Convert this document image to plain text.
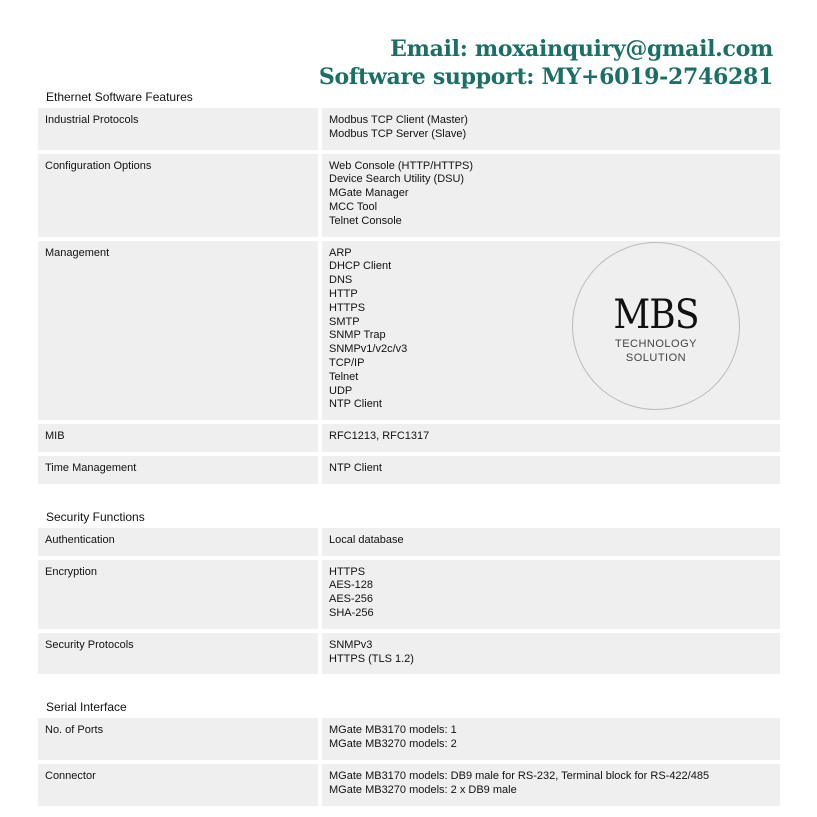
Email: moxainquiry@gmail.com
Software support: MY+6019-2746281
Ethernet Software Features
Industrial Protocols	Modbus TCP Client (Master)
Modbus TCP Server (Slave)
Configuration Options	Web Console (HTTP/HTTPS)
Device Search Utility (DSU)
MGate Manager
MCC Tool
Telnet Console
Management	ARP
DHCP Client
DNS
HTTP
HTTPS
SMTP
SNMP Trap
SNMPv1/v2c/v3
TCP/IP
Telnet
UDP
NTP Client
MIB	RFC1213, RFC1317
Time Management	NTP Client
Security Functions
Authentication	Local database
Encryption	HTTPS
AES-128
AES-256
SHA-256
Security Protocols	SNMPv3
HTTPS (TLS 1.2)
Serial Interface
No. of Ports	MGate MB3170 models: 1
MGate MB3270 models: 2
Connector	MGate MB3170 models: DB9 male for RS-232, Terminal block for RS-422/485
MGate MB3270 models: 2 x DB9 male
MBS
TECHNOLOGY
SOLUTION
